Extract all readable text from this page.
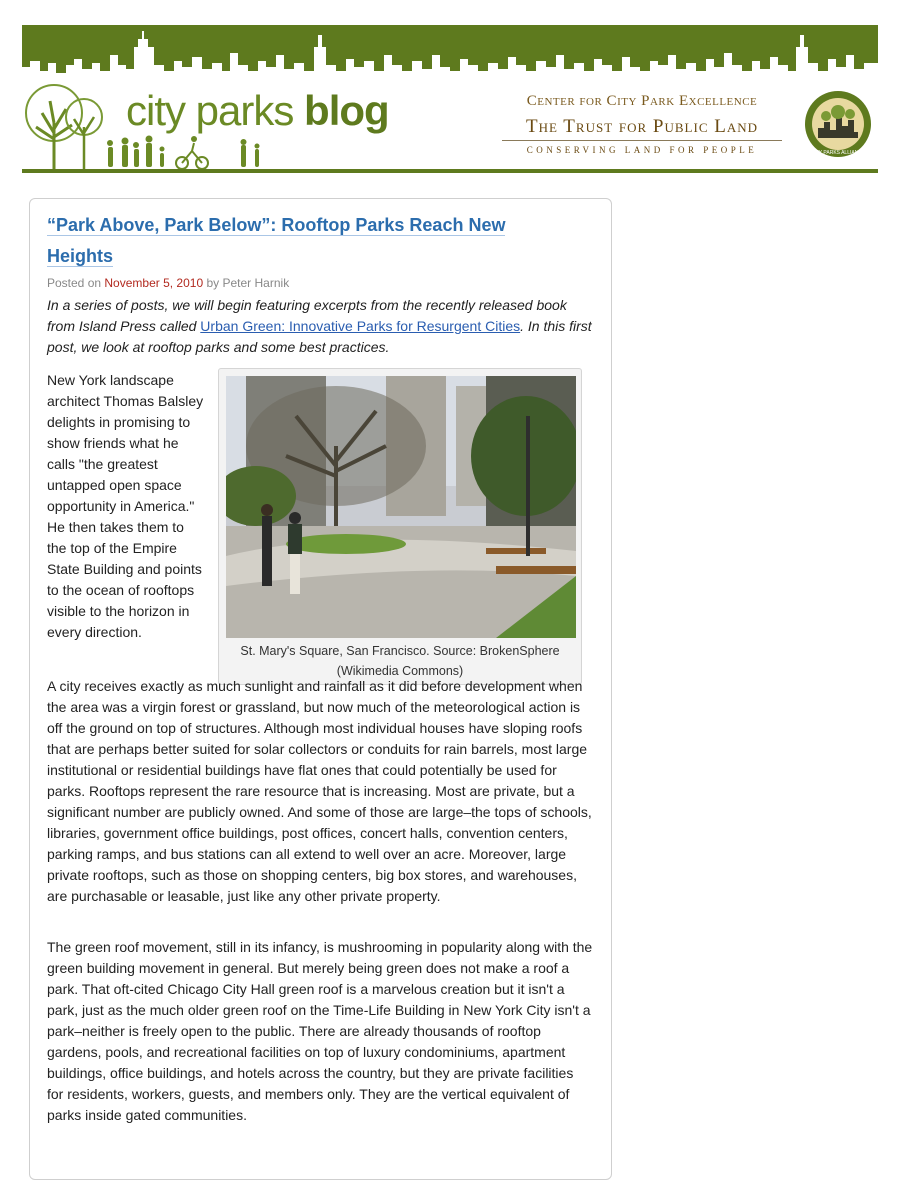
city parks blog	Center for City Park Excellence
The Trust for Public Land
CONSERVING LAND FOR PEOPLE	CITY PARKS ALLIANCE
“Park Above, Park Below”: Rooftop Parks Reach New Heights
Posted on November 5, 2010 by Peter Harnik
In a series of posts, we will begin featuring excerpts from the recently released book from Island Press called Urban Green: Innovative Parks for Resurgent Cities. In this first post, we look at rooftop parks and some best practices.
New York landscape architect Thomas Balsley delights in promising to show friends what he calls "the greatest untapped open space opportunity in America." He then takes them to the top of the Empire State Building and points to the ocean of rooftops visible to the horizon in every direction.
St. Mary's Square, San Francisco. Source: BrokenSphere (Wikimedia Commons)
A city receives exactly as much sunlight and rainfall as it did before development when the area was a virgin forest or grassland, but now much of the meteorological action is off the ground on top of structures. Although most individual houses have sloping roofs that are perhaps better suited for solar collectors or conduits for rain barrels, most large institutional or residential buildings have flat ones that could potentially be used for parks. Rooftops represent the rare resource that is increasing. Most are private, but a significant number are publicly owned. And some of those are large–the tops of schools, libraries, government office buildings, post offices, concert halls, convention centers, parking ramps, and bus stations can all extend to well over an acre. Moreover, large private rooftops, such as those on shopping centers, big box stores, and warehouses, are purchasable or leasable, just like any other private property.
The green roof movement, still in its infancy, is mushrooming in popularity along with the green building movement in general. But merely being green does not make a roof a park. That oft-cited Chicago City Hall green roof is a marvelous creation but it isn't a park, just as the much older green roof on the Time-Life Building in New York City isn't a park–neither is freely open to the public. There are already thousands of rooftop gardens, pools, and recreational facilities on top of luxury condominiums, apartment buildings, office buildings, and hotels across the country, but they are private facilities for residents, workers, guests, and members only. They are the vertical equivalent of parks inside gated communities.
